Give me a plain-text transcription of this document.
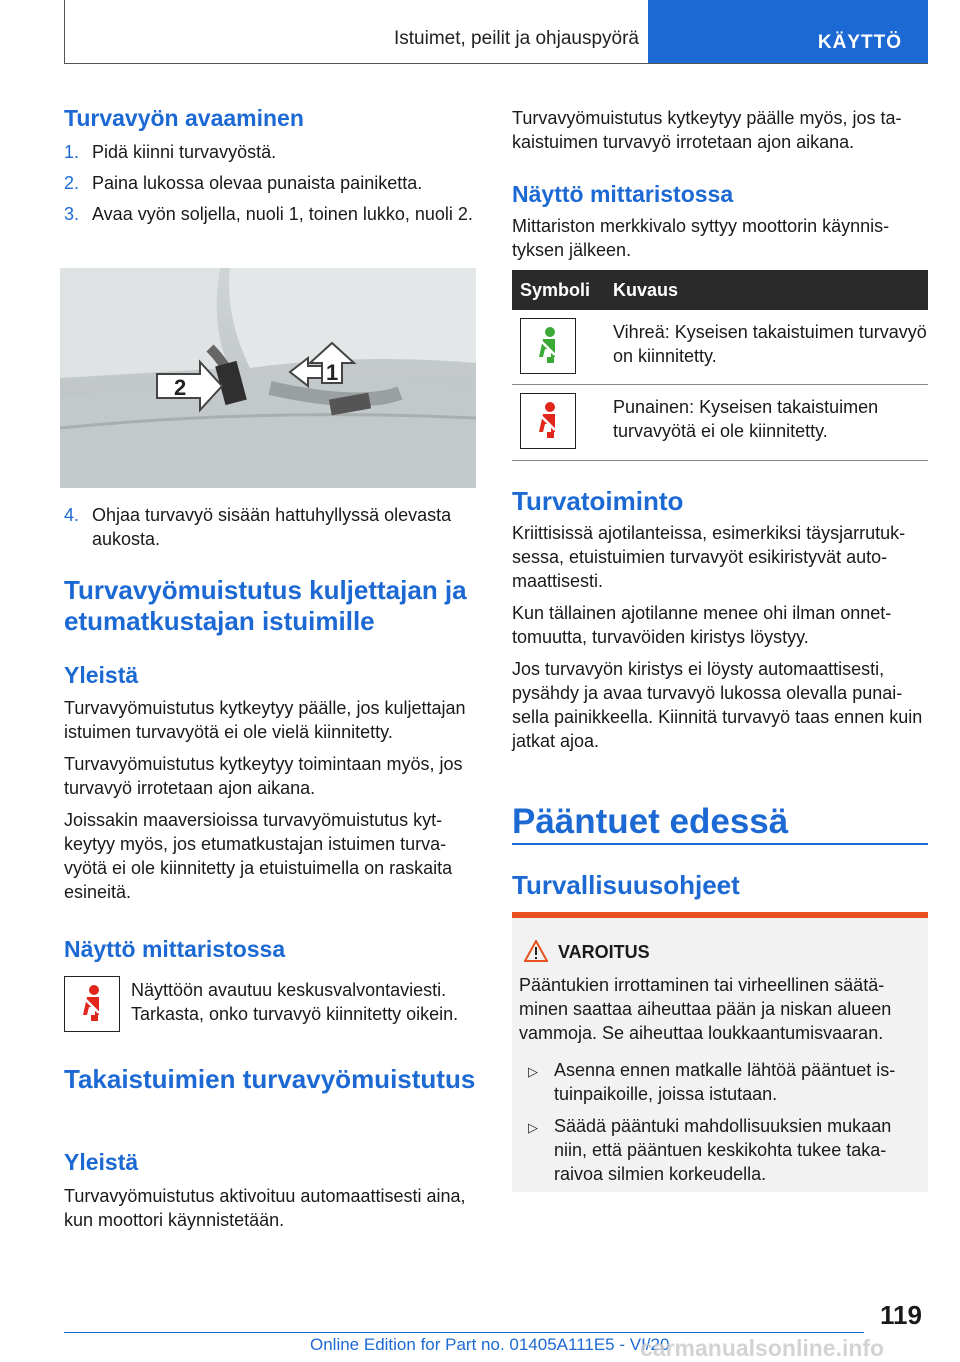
Istuimet, peilit ja ohjauspyörä	KÄYTTÖ
Turvavyön avaaminen
1. Pidä kiinni turvavyöstä.
2. Paina lukossa olevaa punaista painiketta.
3. Avaa vyön soljella, nuoli 1, toinen lukko, nuoli 2.
2
1
4. Ohjaa turvavyö sisään hattuhyllyssä olevasta aukosta.
Turvavyömuistutus kuljettajan ja etumatkustajan istuimille
Yleistä

Turvavyömuistutus kytkeytyy päälle, jos kuljettajan istuimen turvavyötä ei ole vielä kiinnitetty.

Turvavyömuistutus kytkeytyy toimintaan myös, jos turvavyö irrotetaan ajon aikana.

Joissakin maaversioissa turvavyömuistutus kytkeytyy myös, jos etumatkustajan istuimen turvavyötä ei ole kiinnitetty ja etuistuimella on raskaita esineitä.

Näyttö mittaristossa

Näyttöön avautuu keskusvalvontaviesti. Tarkasta, onko turvavyö kiinnitetty oikein.

Takaistuimien turvavyömuistutus
Yleistä

Turvavyömuistutus aktivoituu automaattisesti aina, kun moottori käynnistetään.

Turvavyömuistutus kytkeytyy päälle myös, jos takaistuimen turvavyö irrotetaan ajon aikana.

Näyttö mittaristossa

Mittariston merkkivalo syttyy moottorin käynnistyksen jälkeen.

Symboli Kuvaus

Vihreä: Kyseisen takaistuimen turvavyö on kiinnitetty.

Punainen: Kyseisen takaistuimen turvavyötä ei ole kiinnitetty.

Turvatoiminto

Kriittisissä ajotilanteissa, esimerkiksi täysjarrutuksessa, etuistuimien turvavyöt esikiristyvät automaattisesti.

Kun tällainen ajotilanne menee ohi ilman onnettomuutta, turvavöiden kiristys löystyy.

Jos turvavyön kiristys ei löysty automaattisesti, pysähdy ja avaa turvavyö lukossa olevalla punaisella painikkeella. Kiinnitä turvavyö taas ennen kuin jatkat ajoa.

Pääntuet edessä
Turvallisuusohjeet
VAROITUS

Pääntukien irrottaminen tai virheellinen säätäminen saattaa aiheuttaa pään ja niskan alueen vammoja. Se aiheuttaa loukkaantumisvaaran.

▷ Asenna ennen matkalle lähtöä pääntuet istuinpaikoille, joissa istutaan.
▷ Säädä pääntuki mahdollisuuksien mukaan niin, että pääntuen keskikohta tukee takaraivoa silmien korkeudella.
119
Online Edition for Part no. 01405A111E5 - VI/20
carmanualsonline.info
